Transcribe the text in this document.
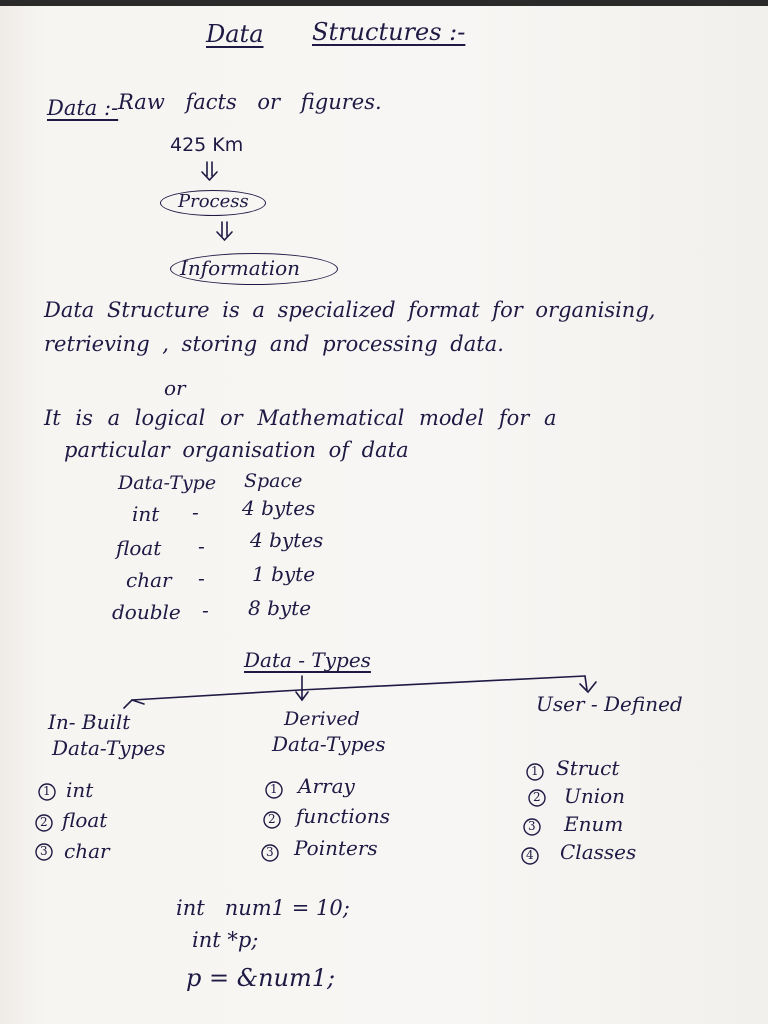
Data Structures :-
Data :- Raw facts or figures.
425 Km
Process
Information
Data Structure is a specialized format for organising,
retrieving , storing and processing data.
or
It is a logical or Mathematical model for a
particular organisation of data
Data-Type Space
int - 4 bytes
float - 4 bytes
char - 1 byte
double - 8 byte
Data - Types
In- Built
Data-Types
1 int
2 float
3 char
Derived
Data-Types
1 Array
2 functions
3 Pointers
User - Defined
1 Struct
2 Union
3 Enum
4 Classes
int   num1 = 10;
int *p;
p = &num1;
